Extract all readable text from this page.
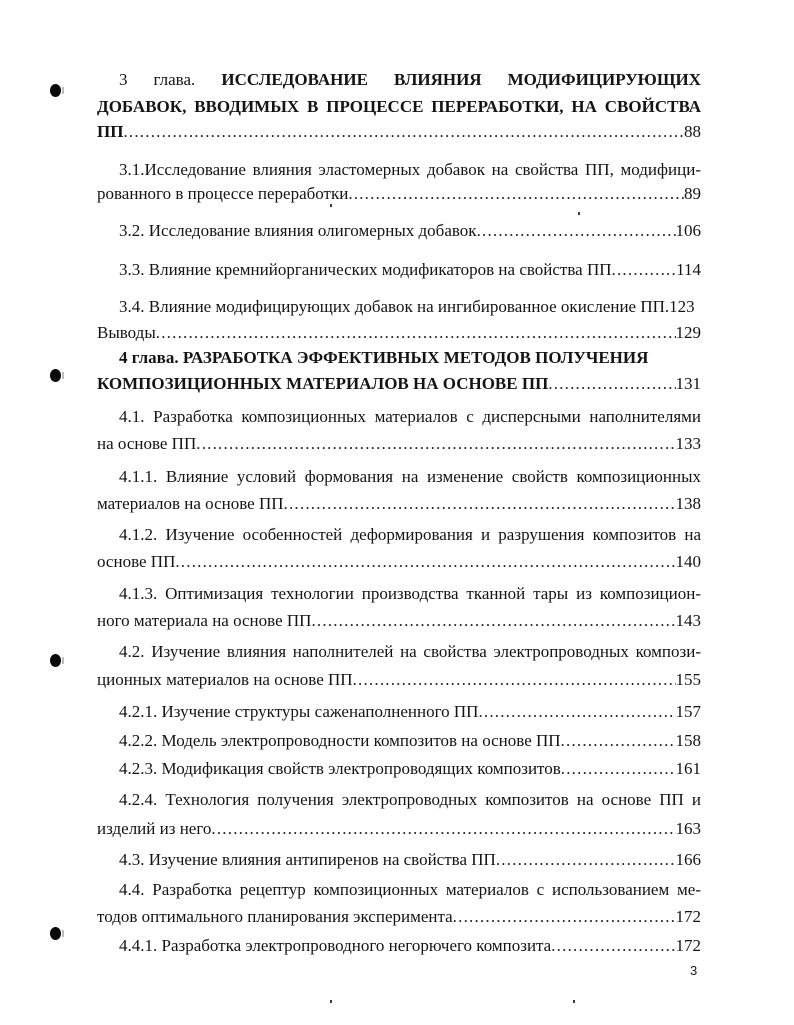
3 глава. ИССЛЕДОВАНИЕ ВЛИЯНИЯ МОДИФИЦИРУЮЩИХ
ДОБАВОК, ВВОДИМЫХ В ПРОЦЕССЕ ПЕРЕРАБОТКИ, НА СВОЙСТВА
ПП .....	88
3.1.Исследование влияния эластомерных добавок на свойства ПП, модифици-
рованного в процессе переработки .....	89
3.2. Исследование влияния олигомерных добавок .....	106
3.3. Влияние кремнийорганических модификаторов на свойства ПП .....	114
3.4. Влияние модифицирующих добавок на ингибированное окисление ПП. 123
Выводы .....	129
4 глава. РАЗРАБОТКА ЭФФЕКТИВНЫХ МЕТОДОВ ПОЛУЧЕНИЯ
КОМПОЗИЦИОННЫХ МАТЕРИАЛОВ НА ОСНОВЕ ПП .....	131
4.1. Разработка композиционных материалов с дисперсными наполнителями
на основе ПП .....	133
4.1.1. Влияние условий формования на изменение свойств композиционных
материалов на основе ПП .....	138
4.1.2. Изучение особенностей деформирования и разрушения композитов на
основе ПП .....	140
4.1.3. Оптимизация технологии производства тканной тары из композицион-
ного материала на основе ПП .....	143
4.2. Изучение влияния наполнителей на свойства электропроводных компози-
ционных материалов на основе ПП .....	155
4.2.1. Изучение структуры саженаполненного ПП .....	157
4.2.2. Модель электропроводности композитов на основе ПП .....	158
4.2.3. Модификация свойств электропроводящих композитов .....	161
4.2.4. Технология получения электропроводных композитов на основе ПП и
изделий из него .....	163
4.3. Изучение влияния антипиренов на свойства ПП .....	166
4.4. Разработка рецептур композиционных материалов с использованием ме-
тодов оптимального планирования эксперимента .....	172
4.4.1. Разработка электропроводного негорючего композита .....	172
3
